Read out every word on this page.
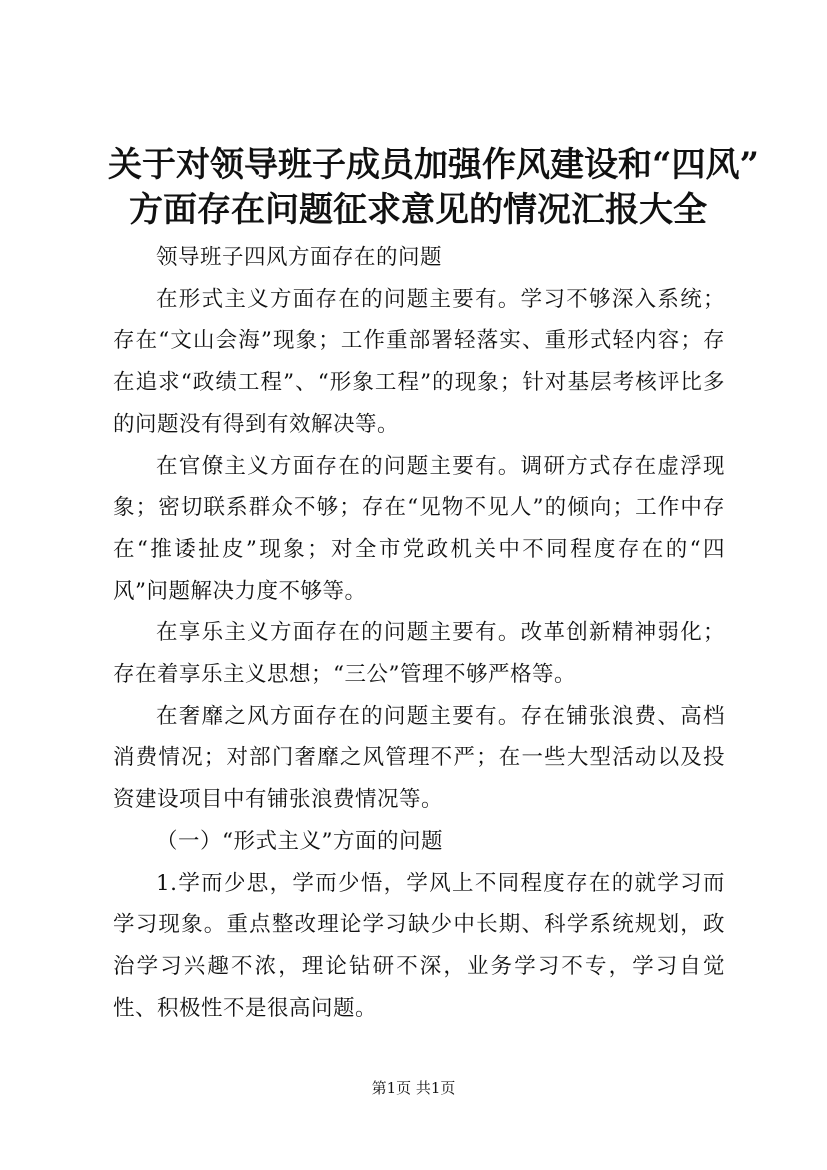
关于对领导班子成员加强作风建设和“四风”
方面存在问题征求意见的情况汇报大全

领导班子四风方面存在的问题

在形式主义方面存在的问题主要有。学习不够深入系统；存在“文山会海”现象；工作重部署轻落实、重形式轻内容；存在追求“政绩工程”、“形象工程”的现象；针对基层考核评比多的问题没有得到有效解决等。

在官僚主义方面存在的问题主要有。调研方式存在虚浮现象；密切联系群众不够；存在“见物不见人”的倾向；工作中存在“推诿扯皮”现象；对全市党政机关中不同程度存在的“四风”问题解决力度不够等。

在享乐主义方面存在的问题主要有。改革创新精神弱化；存在着享乐主义思想；“三公”管理不够严格等。

在奢靡之风方面存在的问题主要有。存在铺张浪费、高档消费情况；对部门奢靡之风管理不严；在一些大型活动以及投资建设项目中有铺张浪费情况等。

（一）“形式主义”方面的问题

1.学而少思，学而少悟，学风上不同程度存在的就学习而学习现象。重点整改理论学习缺少中长期、科学系统规划，政治学习兴趣不浓，理论钻研不深，业务学习不专，学习自觉性、积极性不是很高问题。

第1页 共1页
